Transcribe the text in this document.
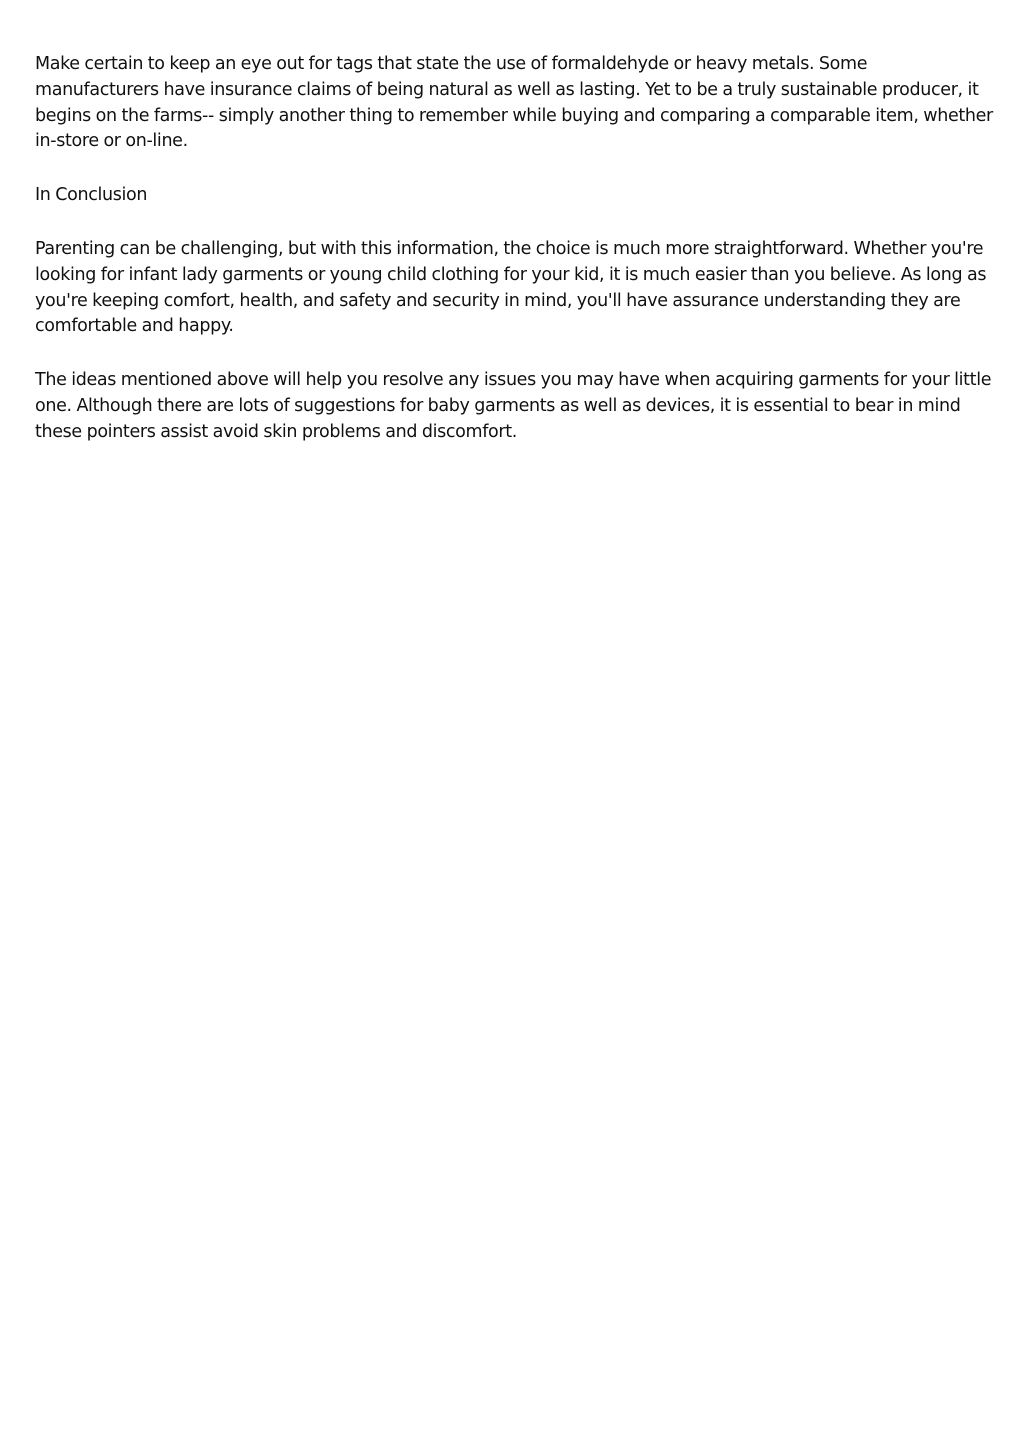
Make certain to keep an eye out for tags that state the use of formaldehyde or heavy metals. Some manufacturers have insurance claims of being natural as well as lasting. Yet to be a truly sustainable producer, it begins on the farms-- simply another thing to remember while buying and comparing a comparable item, whether in-store or on-line.

In Conclusion

Parenting can be challenging, but with this information, the choice is much more straightforward. Whether you're looking for infant lady garments or young child clothing for your kid, it is much easier than you believe. As long as you're keeping comfort, health, and safety and security in mind, you'll have assurance understanding they are comfortable and happy.

The ideas mentioned above will help you resolve any issues you may have when acquiring garments for your little one. Although there are lots of suggestions for baby garments as well as devices, it is essential to bear in mind these pointers assist avoid skin problems and discomfort.
